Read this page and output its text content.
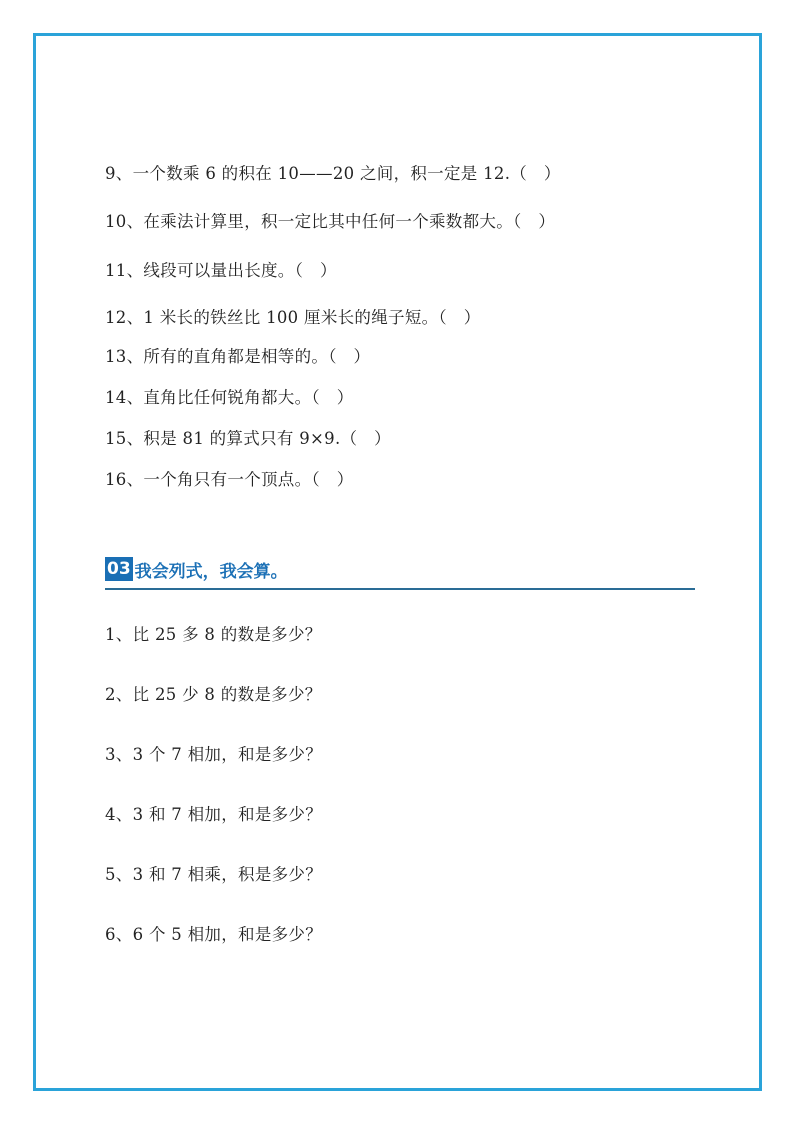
9、一个数乘 6 的积在 10——20 之间，积一定是 12.（　）
10、在乘法计算里，积一定比其中任何一个乘数都大。（　）
11、线段可以量出长度。（　）
12、1 米长的铁丝比 100 厘米长的绳子短。（　）
13、所有的直角都是相等的。（　）
14、直角比任何锐角都大。（　）
15、积是 81 的算式只有 9×9.（　）
16、一个角只有一个顶点。（　）
03 我会列式，我会算。
1、比 25 多 8 的数是多少？
2、比 25 少 8 的数是多少？
3、3 个 7 相加，和是多少？
4、3 和 7 相加，和是多少？
5、3 和 7 相乘，积是多少？
6、6 个 5 相加，和是多少？
